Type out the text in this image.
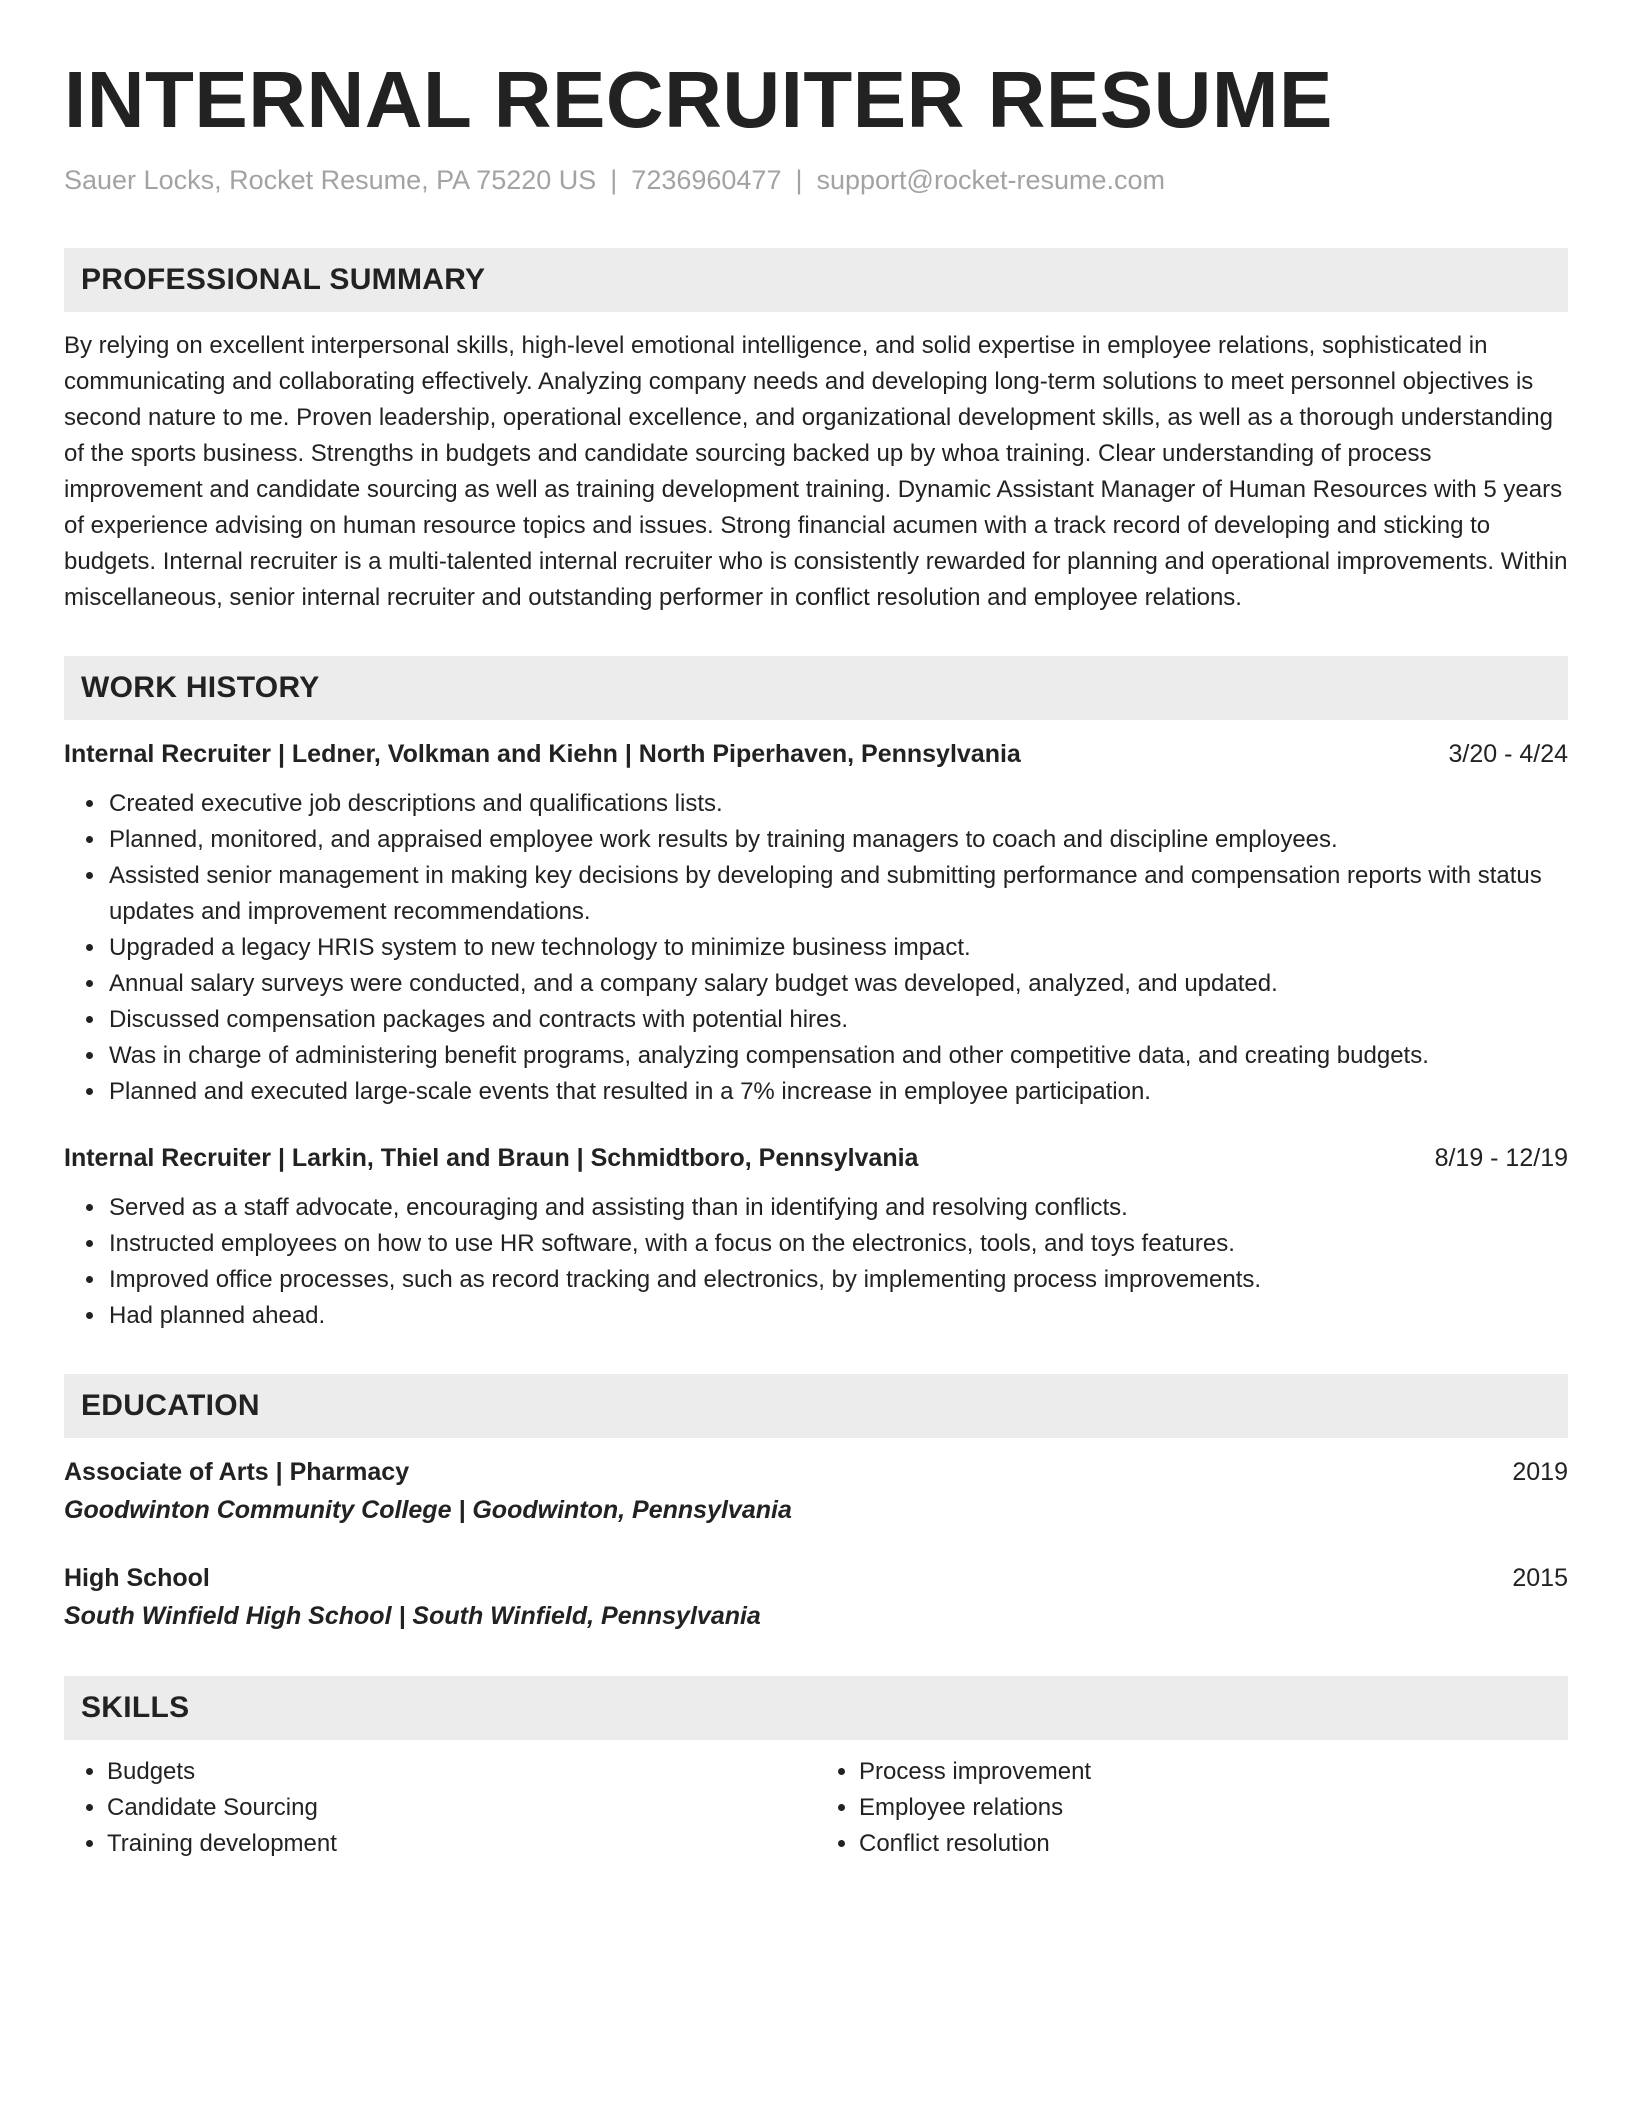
INTERNAL RECRUITER RESUME
Sauer Locks, Rocket Resume, PA 75220 US | 7236960477 | support@rocket-resume.com
PROFESSIONAL SUMMARY
By relying on excellent interpersonal skills, high-level emotional intelligence, and solid expertise in employee relations, sophisticated in communicating and collaborating effectively. Analyzing company needs and developing long-term solutions to meet personnel objectives is second nature to me. Proven leadership, operational excellence, and organizational development skills, as well as a thorough understanding of the sports business. Strengths in budgets and candidate sourcing backed up by whoa training. Clear understanding of process improvement and candidate sourcing as well as training development training. Dynamic Assistant Manager of Human Resources with 5 years of experience advising on human resource topics and issues. Strong financial acumen with a track record of developing and sticking to budgets. Internal recruiter is a multi-talented internal recruiter who is consistently rewarded for planning and operational improvements. Within miscellaneous, senior internal recruiter and outstanding performer in conflict resolution and employee relations.
WORK HISTORY
Internal Recruiter | Ledner, Volkman and Kiehn | North Piperhaven, Pennsylvania	3/20 - 4/24
• Created executive job descriptions and qualifications lists.
• Planned, monitored, and appraised employee work results by training managers to coach and discipline employees.
• Assisted senior management in making key decisions by developing and submitting performance and compensation reports with status updates and improvement recommendations.
• Upgraded a legacy HRIS system to new technology to minimize business impact.
• Annual salary surveys were conducted, and a company salary budget was developed, analyzed, and updated.
• Discussed compensation packages and contracts with potential hires.
• Was in charge of administering benefit programs, analyzing compensation and other competitive data, and creating budgets.
• Planned and executed large-scale events that resulted in a 7% increase in employee participation.
Internal Recruiter | Larkin, Thiel and Braun | Schmidtboro, Pennsylvania	8/19 - 12/19
• Served as a staff advocate, encouraging and assisting than in identifying and resolving conflicts.
• Instructed employees on how to use HR software, with a focus on the electronics, tools, and toys features.
• Improved office processes, such as record tracking and electronics, by implementing process improvements.
• Had planned ahead.
EDUCATION
Associate of Arts | Pharmacy	2019
Goodwinton Community College | Goodwinton, Pennsylvania
High School	2015
South Winfield High School | South Winfield, Pennsylvania
SKILLS
• Budgets
• Candidate Sourcing
• Training development
• Process improvement
• Employee relations
• Conflict resolution
